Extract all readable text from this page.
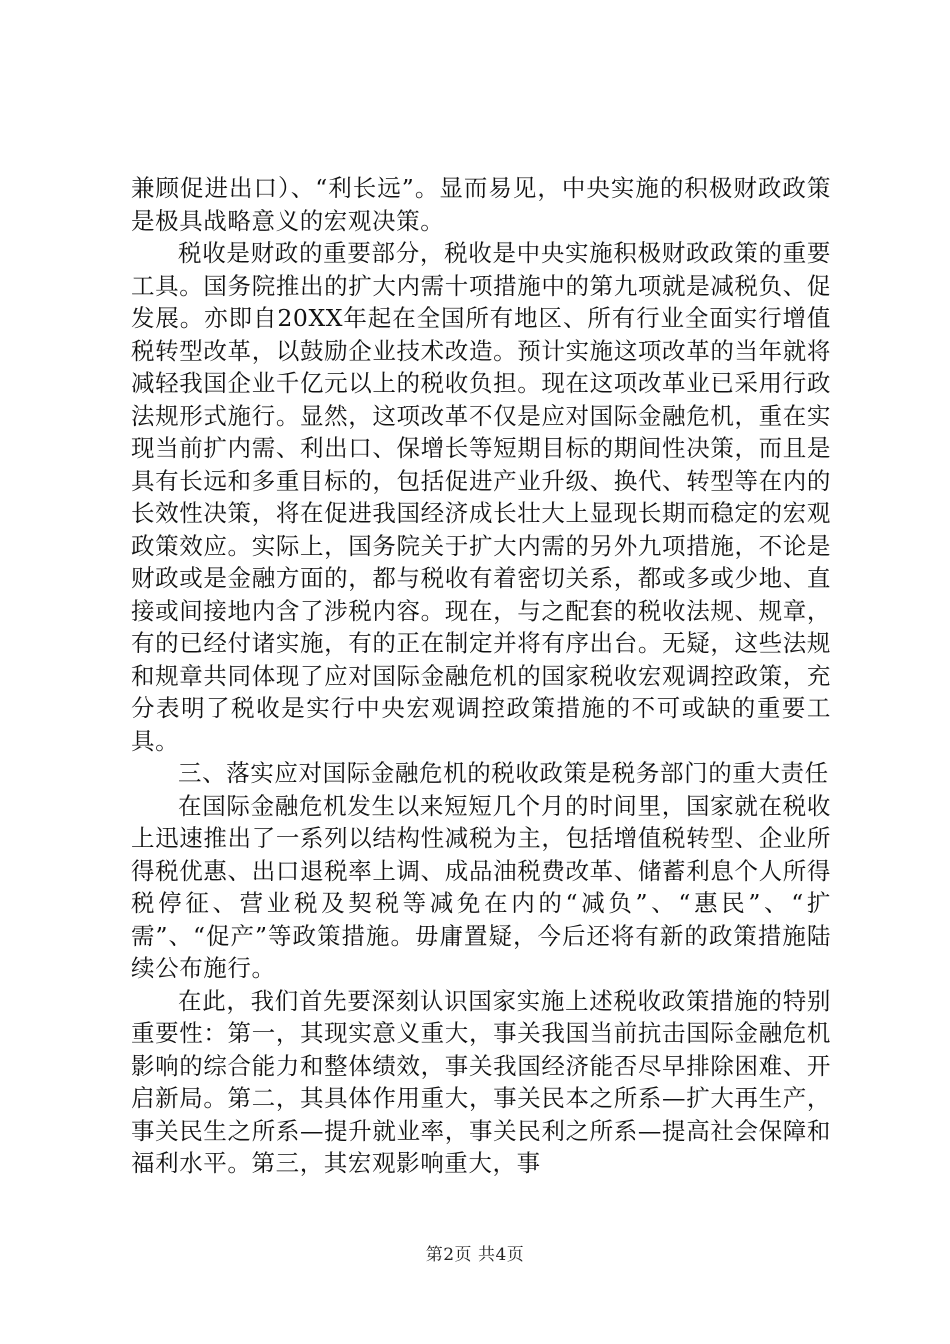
兼顾促进出口）、“利长远”。显而易见，中央实施的积极财政政策是极具战略意义的宏观决策。

税收是财政的重要部分，税收是中央实施积极财政政策的重要工具。国务院推出的扩大内需十项措施中的第九项就是减税负、促发展。亦即自20XX年起在全国所有地区、所有行业全面实行增值税转型改革，以鼓励企业技术改造。预计实施这项改革的当年就将减轻我国企业千亿元以上的税收负担。现在这项改革业已采用行政法规形式施行。显然，这项改革不仅是应对国际金融危机，重在实现当前扩内需、利出口、保增长等短期目标的期间性决策，而且是具有长远和多重目标的，包括促进产业升级、换代、转型等在内的长效性决策，将在促进我国经济成长壮大上显现长期而稳定的宏观政策效应。实际上，国务院关于扩大内需的另外九项措施，不论是财政或是金融方面的，都与税收有着密切关系，都或多或少地、直接或间接地内含了涉税内容。现在，与之配套的税收法规、规章，有的已经付诸实施，有的正在制定并将有序出台。无疑，这些法规和规章共同体现了应对国际金融危机的国家税收宏观调控政策，充分表明了税收是实行中央宏观调控政策措施的不可或缺的重要工具。

三、落实应对国际金融危机的税收政策是税务部门的重大责任

在国际金融危机发生以来短短几个月的时间里，国家就在税收上迅速推出了一系列以结构性减税为主，包括增值税转型、企业所得税优惠、出口退税率上调、成品油税费改革、储蓄利息个人所得税停征、营业税及契税等减免在内的“减负”、“惠民”、“扩需”、“促产”等政策措施。毋庸置疑，今后还将有新的政策措施陆续公布施行。

在此，我们首先要深刻认识国家实施上述税收政策措施的特别重要性：第一，其现实意义重大，事关我国当前抗击国际金融危机影响的综合能力和整体绩效，事关我国经济能否尽早排除困难、开启新局。第二，其具体作用重大，事关民本之所系—扩大再生产，事关民生之所系—提升就业率，事关民利之所系—提高社会保障和福利水平。第三，其宏观影响重大，事

第2页 共4页
